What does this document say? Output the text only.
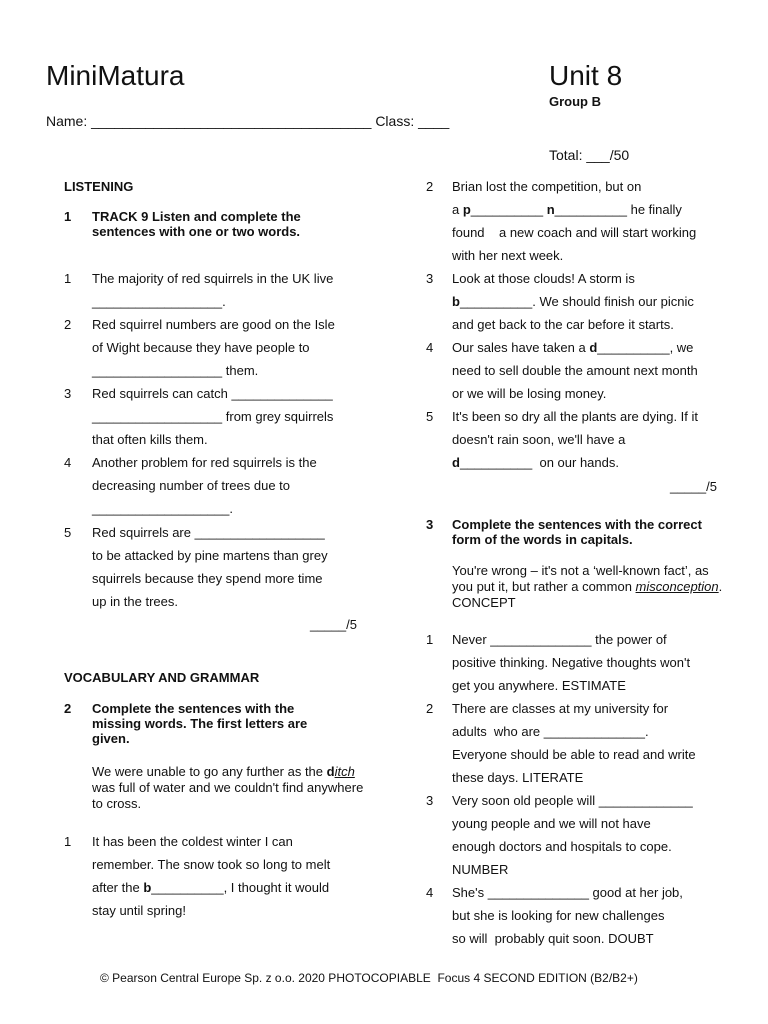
MiniMatura	Unit 8
Group B
Name: ____________________________________ Class: ____
Total: ___/50
LISTENING
1 TRACK 9 Listen and complete the sentences with one or two words.
1 The majority of red squirrels in the UK live
__________________.
2 Red squirrel numbers are good on the Isle
of Wight because they have people to
__________________ them.
3 Red squirrels can catch ______________
__________________ from grey squirrels
that often kills them.
4 Another problem for red squirrels is the
decreasing number of trees due to
___________________.
5 Red squirrels are __________________
to be attacked by pine martens than grey
squirrels because they spend more time
up in the trees.
_____/5
VOCABULARY AND GRAMMAR
2 Complete the sentences with the missing words. The first letters are given.
We were unable to go any further as the ditch was full of water and we couldn't find anywhere to cross.
1 It has been the coldest winter I can
remember. The snow took so long to melt
after the b__________, I thought it would
stay until spring!
2 Brian lost the competition, but on
a p__________ n__________ he finally
found    a new coach and will start working
with her next week.
3 Look at those clouds! A storm is
b__________. We should finish our picnic
and get back to the car before it starts.
4 Our sales have taken a d__________, we
need to sell double the amount next month
or we will be losing money.
5 It's been so dry all the plants are dying. If it
doesn't rain soon, we'll have a
d__________  on our hands.
_____/5
3 Complete the sentences with the correct form of the words in capitals.
You're wrong – it's not a ‘well-known fact’, as you put it, but rather a common misconception. CONCEPT
1 Never ______________ the power of
positive thinking. Negative thoughts won't
get you anywhere. ESTIMATE
2 There are classes at my university for
adults  who are ______________.
Everyone should be able to read and write
these days. LITERATE
3 Very soon old people will _____________
young people and we will not have
enough doctors and hospitals to cope.
NUMBER
4 She's ______________ good at her job,
but she is looking for new challenges
so will  probably quit soon. DOUBT
© Pearson Central Europe Sp. z o.o. 2020 PHOTOCOPIABLE  Focus 4 SECOND EDITION (B2/B2+)
